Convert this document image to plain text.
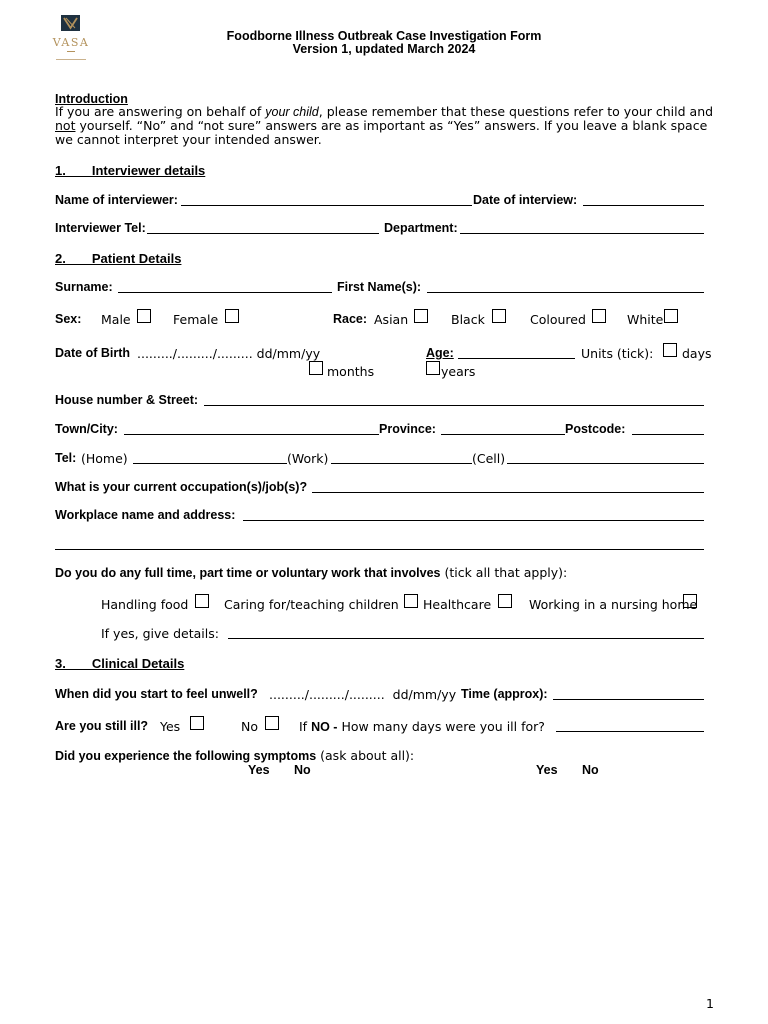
VASA	Foodborne Illness Outbreak Case Investigation Form
Version 1, updated March 2024
Introduction
If you are answering on behalf of your child, please remember that these questions refer to your child and not yourself. “No” and “not sure” answers are as important as “Yes” answers. If you leave a blank space we cannot interpret your intended answer.
1.  Interviewer details
Name of interviewer:	Date of interview:
Interviewer Tel:	Department:
2.  Patient Details
Surname:	First Name(s):
Sex: Male	Female	Race: Asian	Black	Coloured	White
Date of Birth ........./........./......... dd/mm/yy	Age:	Units (tick): days
months	years
House number & Street:
Town/City:	Province:	Postcode:
Tel: (Home)	(Work)	(Cell)
What is your current occupation(s)/job(s)?
Workplace name and address:
Do you do any full time, part time or voluntary work that involves (tick all that apply):
Handling food	Caring for/teaching children Healthcare	Working in a nursing home
If yes, give details:
3.  Clinical Details
When did you start to feel unwell? ........./........./.........  dd/mm/yy Time (approx):
Are you still ill? Yes	No	If NO - How many days were you ill for?
Did you experience the following symptoms (ask about all):
Yes No	Yes No
1
